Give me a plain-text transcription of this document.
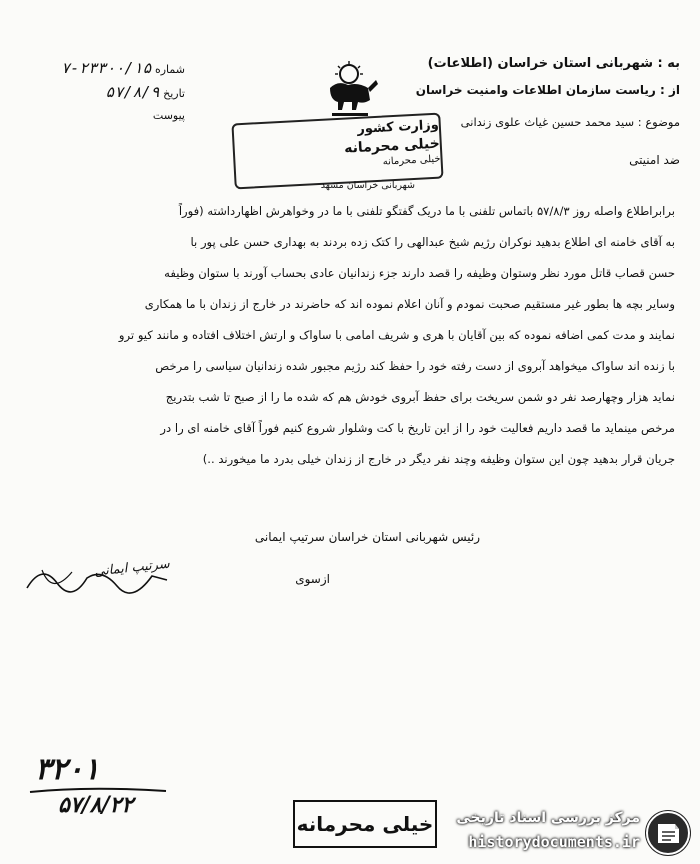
به : شهربانی استان خراسان (اطلاعات)
از : ریاست سازمان اطلاعات وامنیت خراسان
موضوع : سید محمد حسین غیاث علوی زندانی
ضد امنیتی
وزارت کشور
خیلی محرمانه
خیلی محرمانه
شهربانی خراسان مشهد
شماره ۲۳۳۰۰/۱۵-۷
تاریخ ۵۷/۸/۹
پیوست
برابراطلاع واصله روز ۵۷/۸/۳ باتماس تلفنی با ما دریک گفتگو تلفنی با ما در وخواهرش اظهارداشته (فوراً
به آقای خامنه ای اطلاع بدهید نوکران رژیم شیخ عبدالهی را کتک زده بردند به بهداری حسن علی پور با
حسن قصاب قاتل مورد نظر وستوان وظیفه را قصد دارند جزء زندانیان عادی بحساب آورند با ستوان وظیفه
وسایر بچه ها بطور غیر مستقیم صحبت نمودم و آنان اعلام نموده اند که حاضرند در خارج از زندان با ما همکاری
نمایند و مدت کمی اضافه نموده که بین آقایان با هری و شریف امامی با ساواک و ارتش اختلاف افتاده و مانند کیو ترو
با زنده اند ساواک میخواهد آبروی از دست رفته خود را حفظ کند رژیم مجبور شده زندانیان سیاسی را مرخص
نماید هزار وچهارصد نفر دو شمن سریخت برای حفظ آبروی خودش هم که شده ما را از صبح تا شب بتدریج
مرخص مینماید ما قصد داریم فعالیت خود را از این تاریخ با کت وشلوار شروع کنیم فوراً آقای خامنه ای را در
جریان قرار بدهید چون این ستوان وظیفه وچند نفر دیگر در خارج از زندان خیلی بدرد ما میخورند ..)
رئیس شهربانی استان خراسان سرتیپ ایمانی
سرتیپ ایمانی	ازسوی
۳۲۰۱
۵۷/۸/۲۲
خیلی محرمانه	مرکز بررسی اسناد تاریخی
historydocuments.ir
